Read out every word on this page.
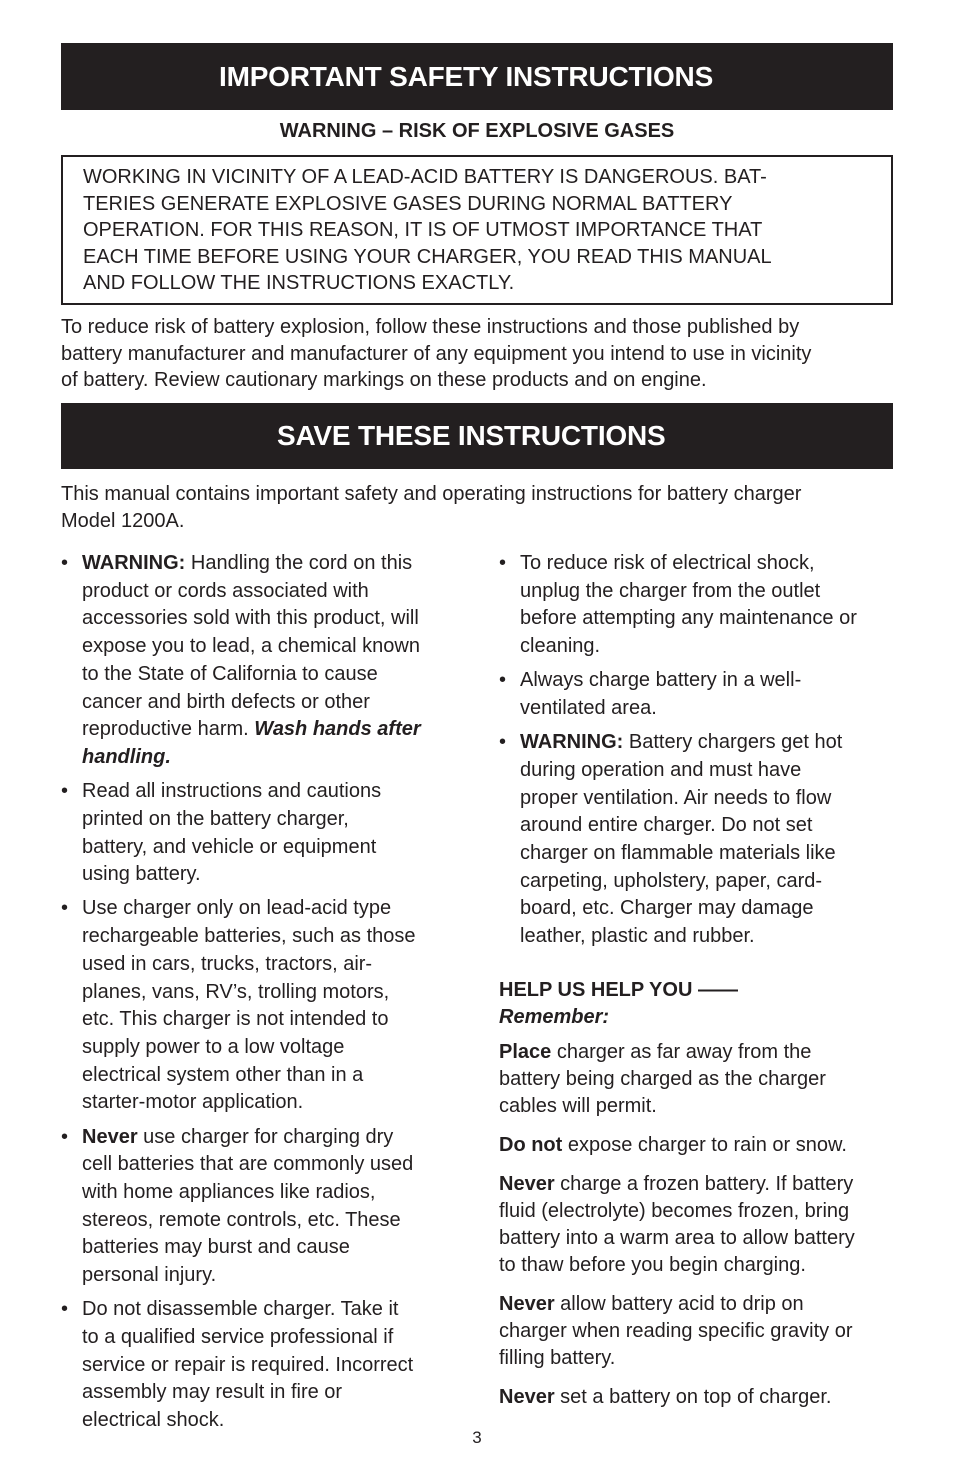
IMPORTANT SAFETY INSTRUCTIONS
WARNING – RISK OF EXPLOSIVE GASES
WORKING IN VICINITY OF A LEAD-ACID BATTERY IS DANGEROUS. BAT-
TERIES GENERATE EXPLOSIVE GASES DURING NORMAL BATTERY
OPERATION. FOR THIS REASON, IT IS OF UTMOST IMPORTANCE THAT
EACH TIME BEFORE USING YOUR CHARGER, YOU READ THIS MANUAL
AND FOLLOW THE INSTRUCTIONS EXACTLY.
To reduce risk of battery explosion, follow these instructions and those published by
battery manufacturer and manufacturer of any equipment you intend to use in vicinity
of battery. Review cautionary markings on these products and on engine.
SAVE THESE INSTRUCTIONS
This manual contains important safety and operating instructions for battery charger
Model 1200A.
• WARNING: Handling the cord on this
product or cords associated with
accessories sold with this product, will
expose you to lead, a chemical known
to the State of California to cause
cancer and birth defects or other
reproductive harm. Wash hands after
handling.
• Read all instructions and cautions
printed on the battery charger,
battery, and vehicle or equipment
using battery.
• Use charger only on lead-acid type
rechargeable batteries, such as those
used in cars, trucks, tractors, air-
planes, vans, RV’s, trolling motors,
etc. This charger is not intended to
supply power to a low voltage
electrical system other than in a
starter-motor application.
• Never use charger for charging dry
cell batteries that are commonly used
with home appliances like radios,
stereos, remote controls, etc. These
batteries may burst and cause
personal injury.
• Do not disassemble charger. Take it
to a qualified service professional if
service or repair is required. Incorrect
assembly may result in fire or
electrical shock.
• To reduce risk of electrical shock,
unplug the charger from the outlet
before attempting any maintenance or
cleaning.
• Always charge battery in a well-
ventilated area.
• WARNING: Battery chargers get hot
during operation and must have
proper ventilation. Air needs to flow
around entire charger. Do not set
charger on flammable materials like
carpeting, upholstery, paper, card-
board, etc. Charger may damage
leather, plastic and rubber.
HELP US HELP YOU ——
Remember:
Place charger as far away from the
battery being charged as the charger
cables will permit.
Do not expose charger to rain or snow.
Never charge a frozen battery. If battery
fluid (electrolyte) becomes frozen, bring
battery into a warm area to allow battery
to thaw before you begin charging.
Never allow battery acid to drip on
charger when reading specific gravity or
filling battery.
Never set a battery on top of charger.
3
